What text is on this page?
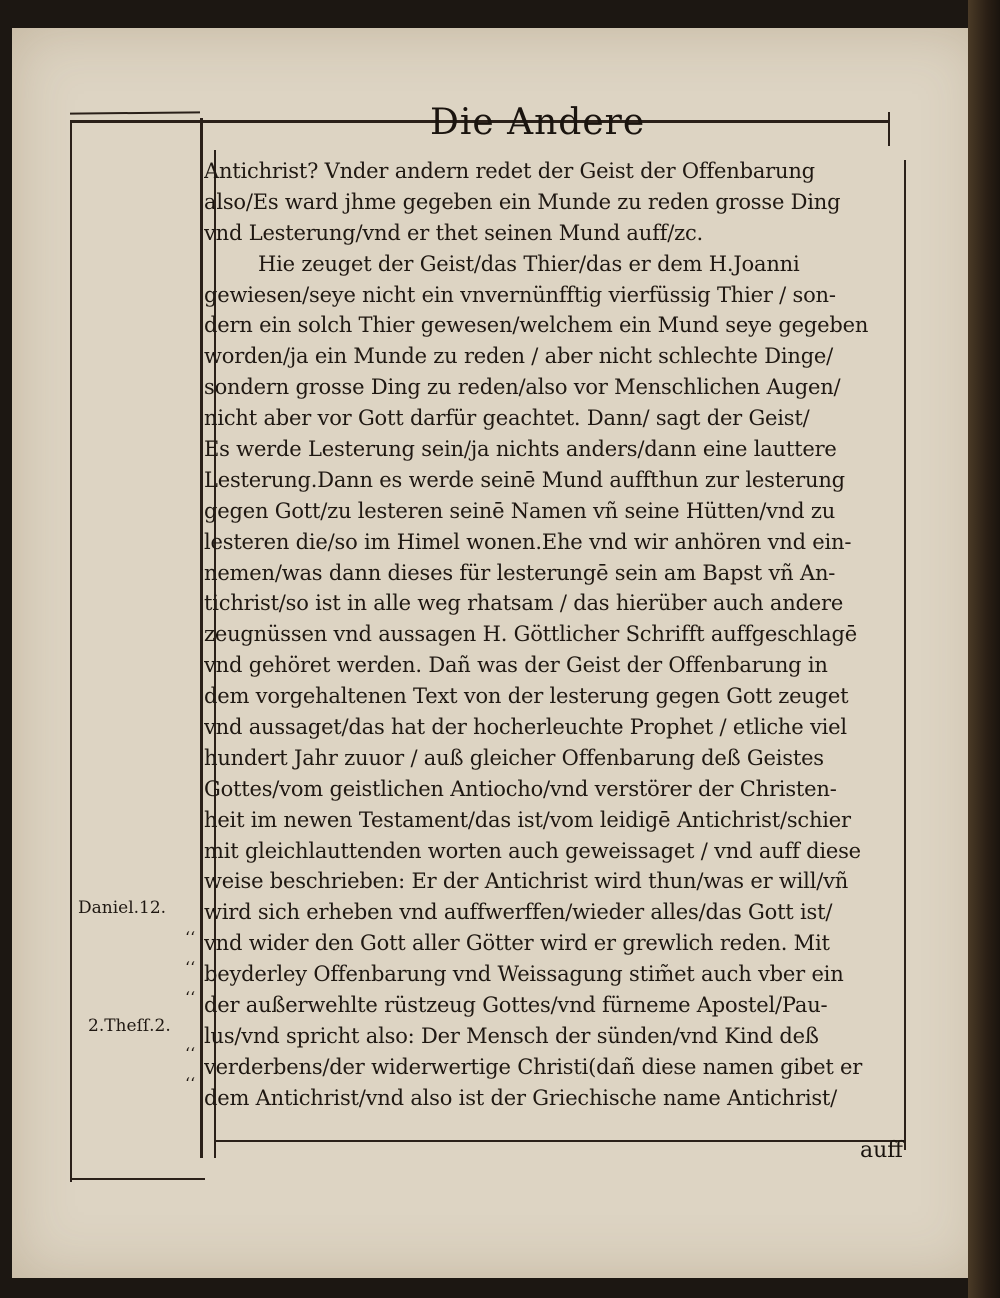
Die Andere
Antichrist? Vnder andern redet der Geist der Offenbarung
also/Es ward jhme gegeben ein Munde zu reden grosse Ding
vnd Lesterung/vnd er thet seinen Mund auff/zc.
Hie zeuget der Geist/das Thier/das er dem H.Joanni
gewiesen/seye nicht ein vnvernünfftig vierfüssig Thier / son-
dern ein solch Thier gewesen/welchem ein Mund seye gegeben
worden/ja ein Munde zu reden / aber nicht schlechte Dinge/
sondern grosse Ding zu reden/also vor Menschlichen Augen/
nicht aber vor Gott darfür geachtet. Dann/ sagt der Geist/
Es werde Lesterung sein/ja nichts anders/dann eine lauttere
Lesterung.Dann es werde seinē Mund auffthun zur lesterung
gegen Gott/zu lesteren seinē Namen vñ seine Hütten/vnd zu
lesteren die/so im Himel wonen.Ehe vnd wir anhören vnd ein-
nemen/was dann dieses für lesterungē sein am Bapst vñ An-
tichrist/so ist in alle weg rhatsam / das hierüber auch andere
zeugnüssen vnd aussagen H. Göttlicher Schrifft auffgeschlagē
vnd gehöret werden. Dañ was der Geist der Offenbarung in
dem vorgehaltenen Text von der lesterung gegen Gott zeuget
vnd aussaget/das hat der hocherleuchte Prophet / etliche viel
hundert Jahr zuuor / auß gleicher Offenbarung deß Geistes
Gottes/vom geistlichen Antiocho/vnd verstörer der Christen-
heit im newen Testament/das ist/vom leidigē Antichrist/schier
mit gleichlauttenden worten auch geweissaget / vnd auff diese
weise beschrieben: Er der Antichrist wird thun/was er will/vñ
wird sich erheben vnd auffwerffen/wieder alles/das Gott ist/
vnd wider den Gott aller Götter wird er grewlich reden. Mit
beyderley Offenbarung vnd Weissagung stim̃et auch vber ein
der außerwehlte rüstzeug Gottes/vnd fürneme Apostel/Pau-
lus/vnd spricht also: Der Mensch der sünden/vnd Kind deß
verderbens/der widerwertige Christi(dañ diese namen gibet er
dem Antichrist/vnd also ist der Griechische name Antichrist/
Daniel.12.
2.Theſſ.2.
‘‘
‘‘
‘‘
‘‘
‘‘
auff
